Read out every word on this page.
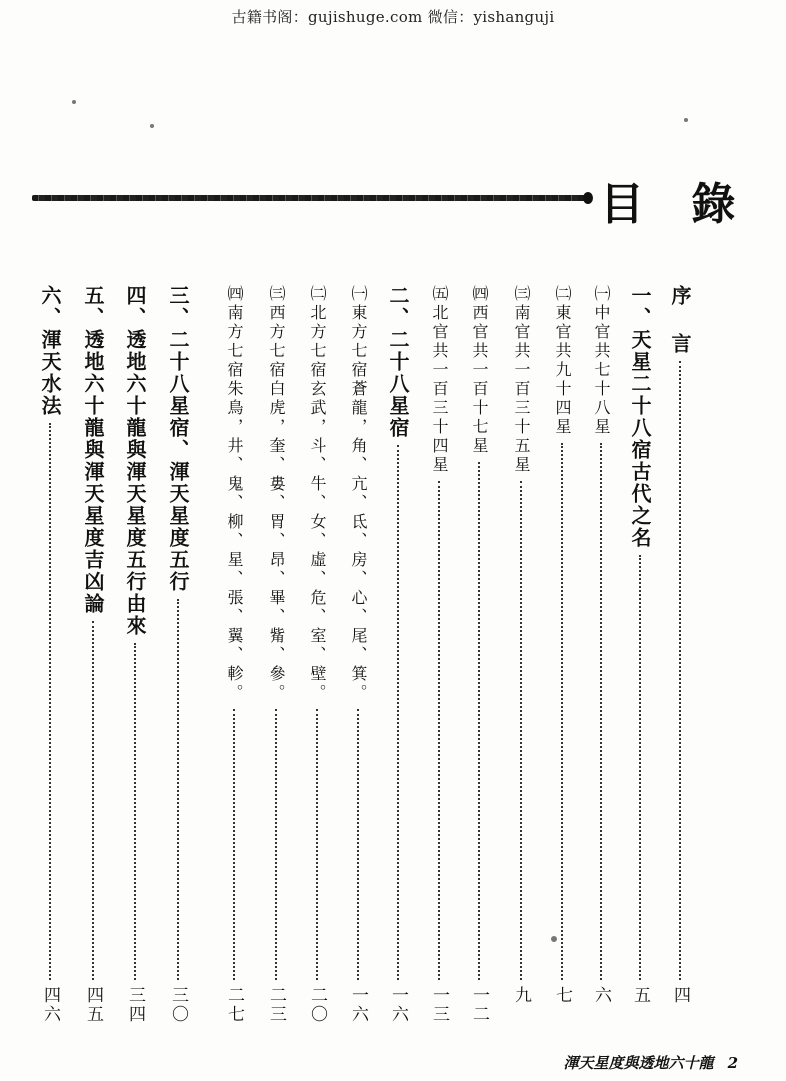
古籍书阁：gujishuge.com 微信：yishanguji
目 錄
序 言
四
一、天星二十八宿古代之名
五
㈠中官共七十八星
六
㈡東官共九十四星
七
㈢南官共一百三十五星
九
㈣西官共一百十七星
一二
㈤北官共一百三十四星
一三
二、二十八星宿
一六
㈠東方七宿蒼龍，角、亢、氐、房、心、尾、箕。
一六
㈡北方七宿玄武，斗、牛、女、虛、危、室、壁。
二〇
㈢西方七宿白虎，奎、婁、胃、昂、畢、觜、參。
二三
㈣南方七宿朱鳥，井、鬼、柳、星、張、翼、軫。
二七
三、二十八星宿、渾天星度五行
三〇
四、透地六十龍與渾天星度五行由來
三四
五、透地六十龍與渾天星度吉凶論
四五
六、渾天水法
四六
渾天星度與透地六十龍 2
